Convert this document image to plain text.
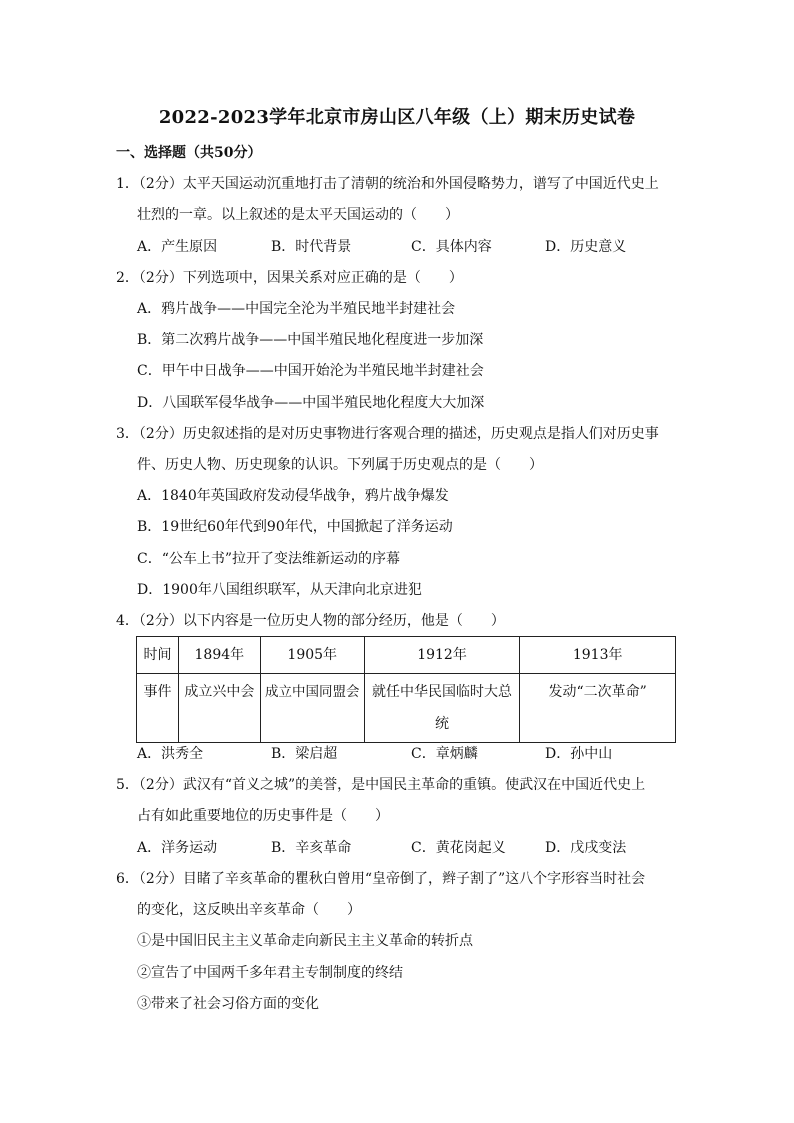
2022-2023学年北京市房山区八年级（上）期末历史试卷
一、选择题（共50分）
1．（2分）太平天国运动沉重地打击了清朝的统治和外国侵略势力，谱写了中国近代史上
壮烈的一章。以上叙述的是太平天国运动的（　　）
A．产生原因	B．时代背景	C．具体内容	D．历史意义
2．（2分）下列选项中，因果关系对应正确的是（　　）
A．鸦片战争——中国完全沦为半殖民地半封建社会
B．第二次鸦片战争——中国半殖民地化程度进一步加深
C．甲午中日战争——中国开始沦为半殖民地半封建社会
D．八国联军侵华战争——中国半殖民地化程度大大加深
3．（2分）历史叙述指的是对历史事物进行客观合理的描述，历史观点是指人们对历史事
件、历史人物、历史现象的认识。下列属于历史观点的是（　　）
A．1840年英国政府发动侵华战争，鸦片战争爆发
B．19世纪60年代到90年代，中国掀起了洋务运动
C．“公车上书”拉开了变法维新运动的序幕
D．1900年八国组织联军，从天津向北京进犯
4．（2分）以下内容是一位历史人物的部分经历，他是（　　）
时间	1894年	1905年	1912年	1913年
事件	成立兴中会	成立中国同盟会	就任中华民国临时大总统	发动“二次革命”
A．洪秀全	B．梁启超	C．章炳麟	D．孙中山
5．（2分）武汉有“首义之城”的美誉，是中国民主革命的重镇。使武汉在中国近代史上
占有如此重要地位的历史事件是（　　）
A．洋务运动	B．辛亥革命	C．黄花岗起义	D．戊戌变法
6．（2分）目睹了辛亥革命的瞿秋白曾用“皇帝倒了，辫子割了”这八个字形容当时社会
的变化，这反映出辛亥革命（　　）
①是中国旧民主主义革命走向新民主主义革命的转折点
②宣告了中国两千多年君主专制制度的终结
③带来了社会习俗方面的变化
